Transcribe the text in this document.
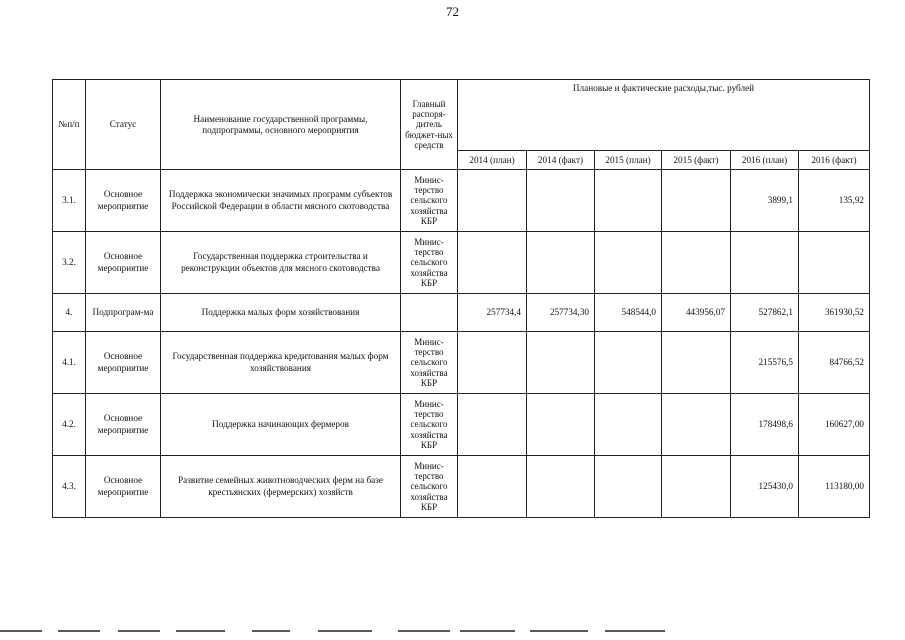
72
№п/п	Статус	Наименование государственной программы, подпрограммы, основного мероприятия	Главный распоря-дитель бюджет-ных средств	Плановые и фактические расходы,тыс. рублей					
				2014 (план)	2014 (факт)	2015 (план)	2015 (факт)	2016 (план)	2016 (факт)
3.1.	Основное мероприятие	Поддержка экономически значимых программ субъектов Российской Федерации в области мясного скотоводства	Минис-терство сельского хозяйства КБР					3899,1	135,92
3.2.	Основное мероприятие	Государственная поддержка строительства и реконструкции объектов для мясного скотоводства	Минис-терство сельского хозяйства КБР						
4.	Подпрограм-ма	Поддержка малых форм хозяйствования		257734,4	257734,30	548544,0	443956,07	527862,1	361930,52
4.1.	Основное мероприятие	Государственная поддержка кредитования малых форм хозяйствования	Минис-терство сельского хозяйства КБР					215576,5	84766,52
4.2.	Основное мероприятие	Поддержка начинающих фермеров	Минис-терство сельского хозяйства КБР					178498,6	160627,00
4.3.	Основное мероприятие	Развитие семейных животноводческих ферм на базе крестьянских (фермерских) хозяйств	Минис-терство сельского хозяйства КБР					125430,0	113180,00
